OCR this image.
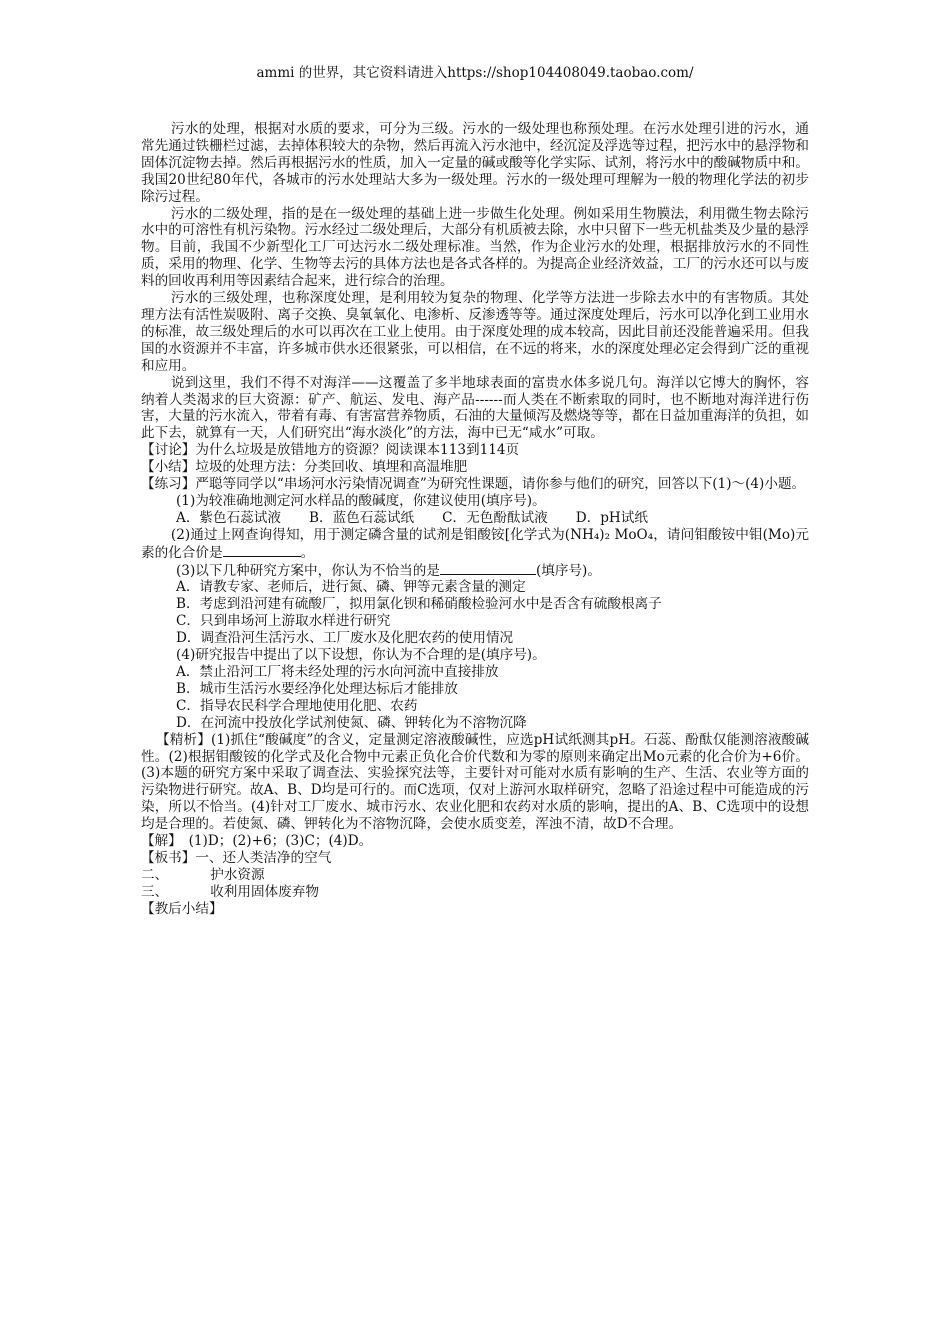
ammi 的世界，其它资料请进入https://shop104408049.taobao.com/

污水的处理，根据对水质的要求，可分为三级。污水的一级处理也称预处理。在污水处理引进的污水，通常先通过铁栅栏过滤，去掉体积较大的杂物，然后再流入污水池中，经沉淀及浮选等过程，把污水中的悬浮物和固体沉淀物去掉。然后再根据污水的性质，加入一定量的碱或酸等化学实际、试剂，将污水中的酸碱物质中和。我国20世纪80年代，各城市的污水处理站大多为一级处理。污水的一级处理可理解为一般的物理化学法的初步除污过程。

污水的二级处理，指的是在一级处理的基础上进一步做生化处理。例如采用生物膜法，利用微生物去除污水中的可溶性有机污染物。污水经过二级处理后，大部分有机质被去除，水中只留下一些无机盐类及少量的悬浮物。目前，我国不少新型化工厂可达污水二级处理标准。当然，作为企业污水的处理，根据排放污水的不同性质，采用的物理、化学、生物等去污的具体方法也是各式各样的。为提高企业经济效益，工厂的污水还可以与废料的回收再利用等因素结合起来，进行综合的治理。

污水的三级处理，也称深度处理，是利用较为复杂的物理、化学等方法进一步除去水中的有害物质。其处理方法有活性炭吸附、离子交换、臭氧氧化、电渗析、反渗透等等。通过深度处理后，污水可以净化到工业用水的标准，故三级处理后的水可以再次在工业上使用。由于深度处理的成本较高，因此目前还没能普遍采用。但我国的水资源并不丰富，许多城市供水还很紧张，可以相信，在不远的将来，水的深度处理必定会得到广泛的重视和应用。

说到这里，我们不得不对海洋——这覆盖了多半地球表面的富贵水体多说几句。海洋以它博大的胸怀，容纳着人类渴求的巨大资源：矿产、航运、发电、海产品------而人类在不断索取的同时，也不断地对海洋进行伤害，大量的污水流入，带着有毒、有害富营养物质，石油的大量倾泻及燃烧等等，都在日益加重海洋的负担，如此下去，就算有一天，人们研究出“海水淡化”的方法，海中已无“咸水”可取。

【讨论】为什么垃圾是放错地方的资源？阅读课本113到114页

【小结】垃圾的处理方法：分类回收、填埋和高温堆肥

【练习】严聪等同学以“串场河水污染情况调查”为研究性课题，请你参与他们的研究，回答以下(1)～(4)小题。

(1)为较准确地测定河水样品的酸碱度，你建议使用(填序号)。

A．紫色石蕊试液 B．蓝色石蕊试纸 C．无色酚酞试液 D．pH试纸

(2)通过上网查询得知，用于测定磷含量的试剂是钼酸铵[化学式为(NH₄)₂ MoO₄，请问钼酸铵中钼(Mo)元素的化合价是	。

(3)以下几种研究方案中，你认为不恰当的是	(填序号)。

A．请教专家、老师后，进行氮、磷、钾等元素含量的测定

B．考虑到沿河建有硫酸厂，拟用氯化钡和稀硝酸检验河水中是否含有硫酸根离子

C．只到串场河上游取水样进行研究

D．调查沿河生活污水、工厂废水及化肥农药的使用情况

(4)研究报告中提出了以下设想，你认为不合理的是(填序号)。

A．禁止沿河工厂将未经处理的污水向河流中直接排放

B．城市生活污水要经净化处理达标后才能排放

C．指导农民科学合理地使用化肥、农药

D．在河流中投放化学试剂使氮、磷、钾转化为不溶物沉降

【精析】(1)抓住“酸碱度”的含义，定量测定溶液酸碱性，应选pH试纸测其pH。石蕊、酚酞仅能测溶液酸碱性。(2)根据钼酸铵的化学式及化合物中元素正负化合价代数和为零的原则来确定出Mo元素的化合价为+6价。(3)本题的研究方案中采取了调查法、实验探究法等，主要针对可能对水质有影响的生产、生活、农业等方面的污染物进行研究。故A、B、D均是可行的。而C选项，仅对上游河水取样研究，忽略了沿途过程中可能造成的污染，所以不恰当。(4)针对工厂废水、城市污水、农业化肥和农药对水质的影响，提出的A、B、C选项中的设想均是合理的。若使氮、磷、钾转化为不溶物沉降，会使水质变差，浑浊不清，故D不合理。

【解】　(1)D；(2)+6；(3)C；(4)D。

【板书】一、还人类洁净的空气

二、	护水资源

三、	收利用固体废弃物

【教后小结】
